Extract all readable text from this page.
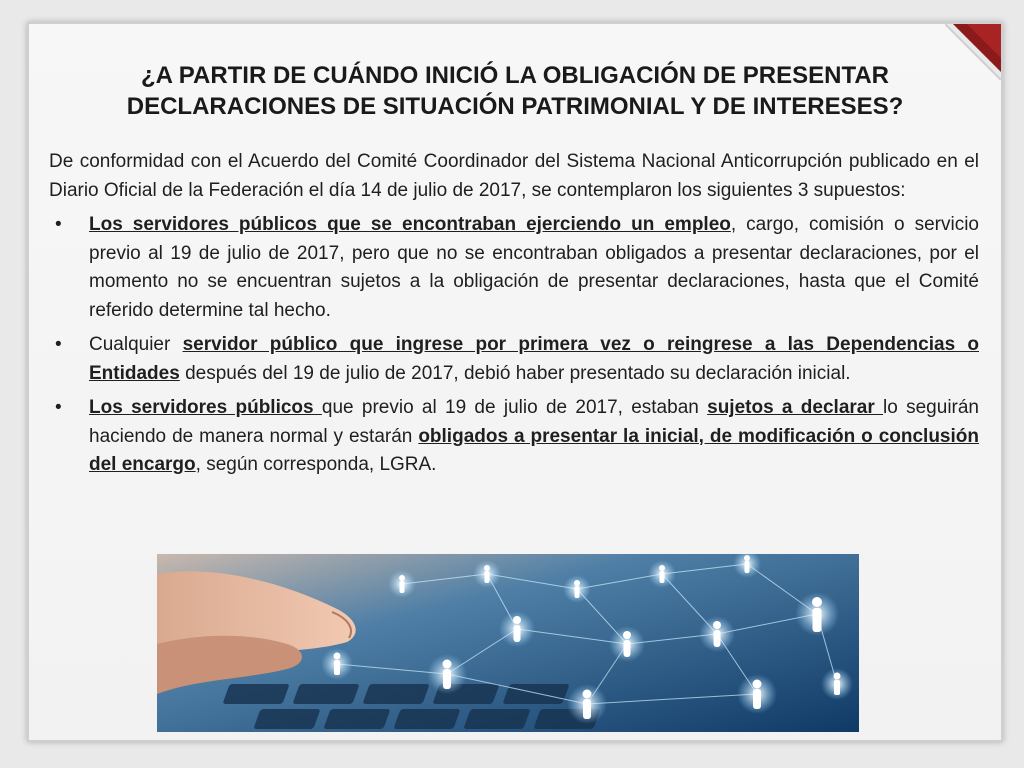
¿A PARTIR DE CUÁNDO INICIÓ LA OBLIGACIÓN DE PRESENTAR DECLARACIONES DE SITUACIÓN PATRIMONIAL Y DE INTERESES?

De conformidad con el Acuerdo del Comité Coordinador del Sistema Nacional Anticorrupción publicado en el Diario Oficial de la Federación el día 14 de julio de 2017, se contemplaron los siguientes 3 supuestos:

• Los servidores públicos que se encontraban ejerciendo un empleo, cargo, comisión o servicio previo al 19 de julio de 2017, pero que no se encontraban obligados a presentar declaraciones, por el momento no se encuentran sujetos a la obligación de presentar declaraciones, hasta que el Comité referido determine tal hecho.
• Cualquier servidor público que ingrese por primera vez o reingrese a las Dependencias o Entidades después del 19 de julio de 2017, debió haber presentado su declaración inicial.
• Los servidores públicos que previo al 19 de julio de 2017, estaban sujetos a declarar lo seguirán haciendo de manera normal y estarán obligados a presentar la inicial, de modificación o conclusión del encargo, según corresponda, LGRA.
